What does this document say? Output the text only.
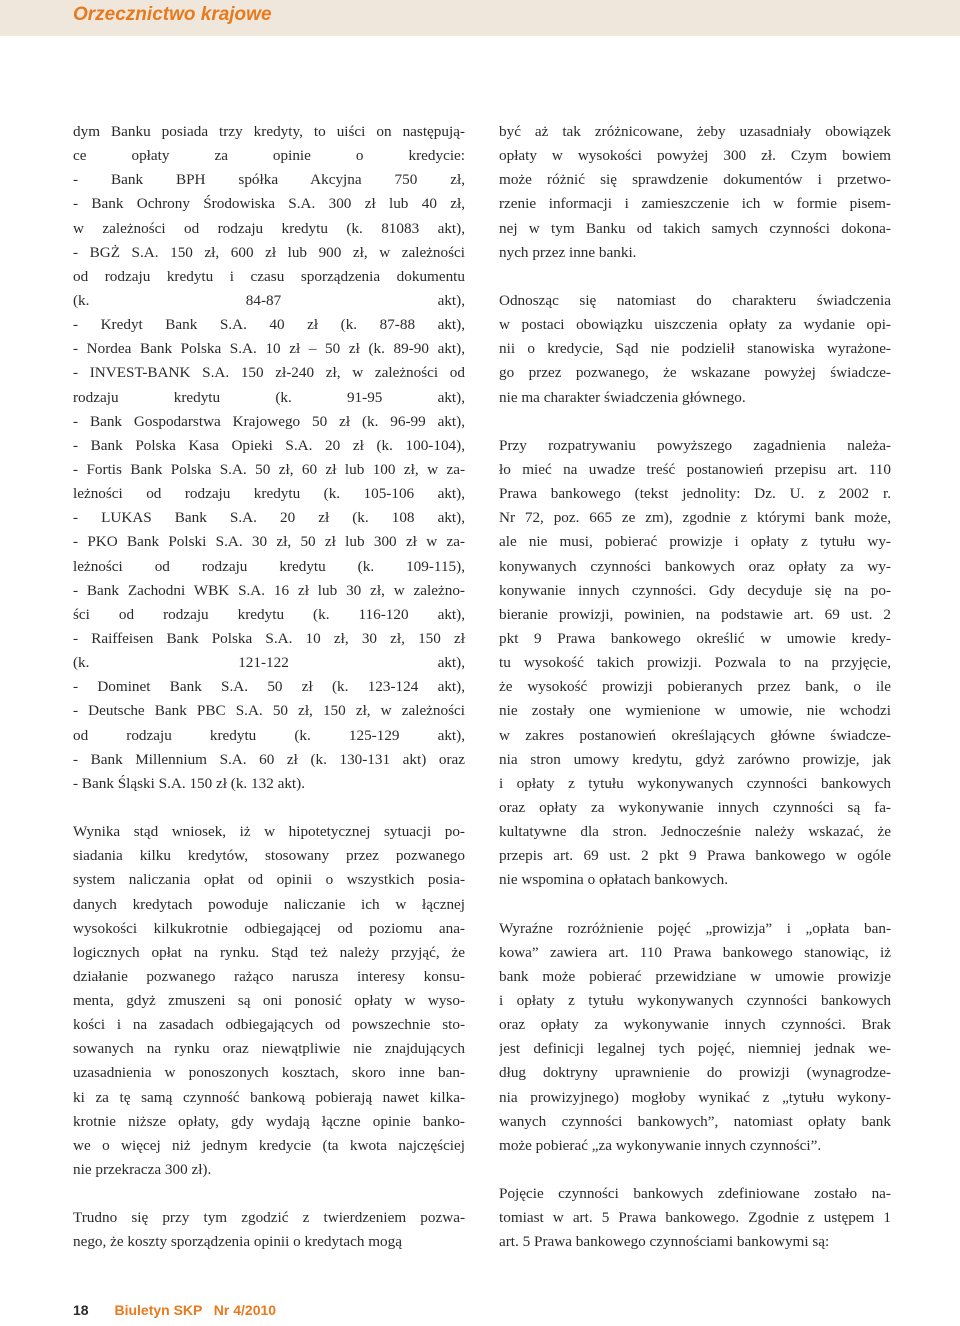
Orzecznictwo krajowe
dym Banku posiada trzy kredyty, to uiści on następują-
ce opłaty za opinie o kredycie:
- Bank BPH spółka Akcyjna 750 zł,
- Bank Ochrony Środowiska S.A. 300 zł lub 40 zł,
w zależności od rodzaju kredytu (k. 81083 akt),
- BGŻ S.A. 150 zł, 600 zł lub 900 zł, w zależności
od rodzaju kredytu i czasu sporządzenia dokumentu
(k. 84-87 akt),
- Kredyt Bank S.A. 40 zł (k. 87-88 akt),
- Nordea Bank Polska S.A. 10 zł – 50 zł (k. 89-90 akt),
- INVEST-BANK S.A. 150 zł-240 zł, w zależności od
rodzaju kredytu (k. 91-95 akt),
- Bank Gospodarstwa Krajowego 50 zł (k. 96-99 akt),
- Bank Polska Kasa Opieki S.A. 20 zł (k. 100-104),
- Fortis Bank Polska S.A. 50 zł, 60 zł lub 100 zł, w za-
leżności od rodzaju kredytu (k. 105-106 akt),
- LUKAS Bank S.A. 20 zł (k. 108 akt),
- PKO Bank Polski S.A. 30 zł, 50 zł lub 300 zł w za-
leżności od rodzaju kredytu (k. 109-115),
- Bank Zachodni WBK S.A. 16 zł lub 30 zł, w zależno-
ści od rodzaju kredytu (k. 116-120 akt),
- Raiffeisen Bank Polska S.A. 10 zł, 30 zł, 150 zł
(k. 121-122 akt),
- Dominet Bank S.A. 50 zł (k. 123-124 akt),
- Deutsche Bank PBC S.A. 50 zł, 150 zł, w zależności
od rodzaju kredytu (k. 125-129 akt),
- Bank Millennium S.A. 60 zł (k. 130-131 akt) oraz
- Bank Śląski S.A. 150 zł (k. 132 akt).
Wynika stąd wniosek, iż w hipotetycznej sytuacji po-
siadania kilku kredytów, stosowany przez pozwanego
system naliczania opłat od opinii o wszystkich posia-
danych kredytach powoduje naliczanie ich w łącznej
wysokości kilkukrotnie odbiegającej od poziomu ana-
logicznych opłat na rynku. Stąd też należy przyjąć, że
działanie pozwanego rażąco narusza interesy konsu-
menta, gdyż zmuszeni są oni ponosić opłaty w wyso-
kości i na zasadach odbiegających od powszechnie sto-
sowanych na rynku oraz niewątpliwie nie znajdujących
uzasadnienia w ponoszonych kosztach, skoro inne ban-
ki za tę samą czynność bankową pobierają nawet kilka-
krotnie niższe opłaty, gdy wydają łączne opinie banko-
we o więcej niż jednym kredycie (ta kwota najczęściej
nie przekracza 300 zł).
Trudno się przy tym zgodzić z twierdzeniem pozwa-
nego, że koszty sporządzenia opinii o kredytach mogą
być aż tak zróżnicowane, żeby uzasadniały obowiązek
opłaty w wysokości powyżej 300 zł. Czym bowiem
może różnić się sprawdzenie dokumentów i przetwo-
rzenie informacji i zamieszczenie ich w formie pisem-
nej w tym Banku od takich samych czynności dokona-
nych przez inne banki.
Odnosząc się natomiast do charakteru świadczenia
w postaci obowiązku uiszczenia opłaty za wydanie opi-
nii o kredycie, Sąd nie podzielił stanowiska wyrażone-
go przez pozwanego, że wskazane powyżej świadcze-
nie ma charakter świadczenia głównego.
Przy rozpatrywaniu powyższego zagadnienia należa-
ło mieć na uwadze treść postanowień przepisu art. 110
Prawa bankowego (tekst jednolity: Dz. U. z 2002 r.
Nr 72, poz. 665 ze zm), zgodnie z którymi bank może,
ale nie musi, pobierać prowizje i opłaty z tytułu wy-
konywanych czynności bankowych oraz opłaty za wy-
konywanie innych czynności. Gdy decyduje się na po-
bieranie prowizji, powinien, na podstawie art. 69 ust. 2
pkt 9 Prawa bankowego określić w umowie kredy-
tu wysokość takich prowizji. Pozwala to na przyjęcie,
że wysokość prowizji pobieranych przez bank, o ile
nie zostały one wymienione w umowie, nie wchodzi
w zakres postanowień określających główne świadcze-
nia stron umowy kredytu, gdyż zarówno prowizje, jak
i opłaty z tytułu wykonywanych czynności bankowych
oraz opłaty za wykonywanie innych czynności są fa-
kultatywne dla stron. Jednocześnie należy wskazać, że
przepis art. 69 ust. 2 pkt 9 Prawa bankowego w ogóle
nie wspomina o opłatach bankowych.
Wyraźne rozróżnienie pojęć „prowizja” i „opłata ban-
kowa” zawiera art. 110 Prawa bankowego stanowiąc, iż
bank może pobierać przewidziane w umowie prowizje
i opłaty z tytułu wykonywanych czynności bankowych
oraz opłaty za wykonywanie innych czynności. Brak
jest definicji legalnej tych pojęć, niemniej jednak we-
dług doktryny uprawnienie do prowizji (wynagrodze-
nia prowizyjnego) mogłoby wynikać z „tytułu wykony-
wanych czynności bankowych”, natomiast opłaty bank
może pobierać „za wykonywanie innych czynności”.
Pojęcie czynności bankowych zdefiniowane zostało na-
tomiast w art. 5 Prawa bankowego. Zgodnie z ustępem 1
art. 5 Prawa bankowego czynnościami bankowymi są:
18 Biuletyn SKP   Nr 4/2010
